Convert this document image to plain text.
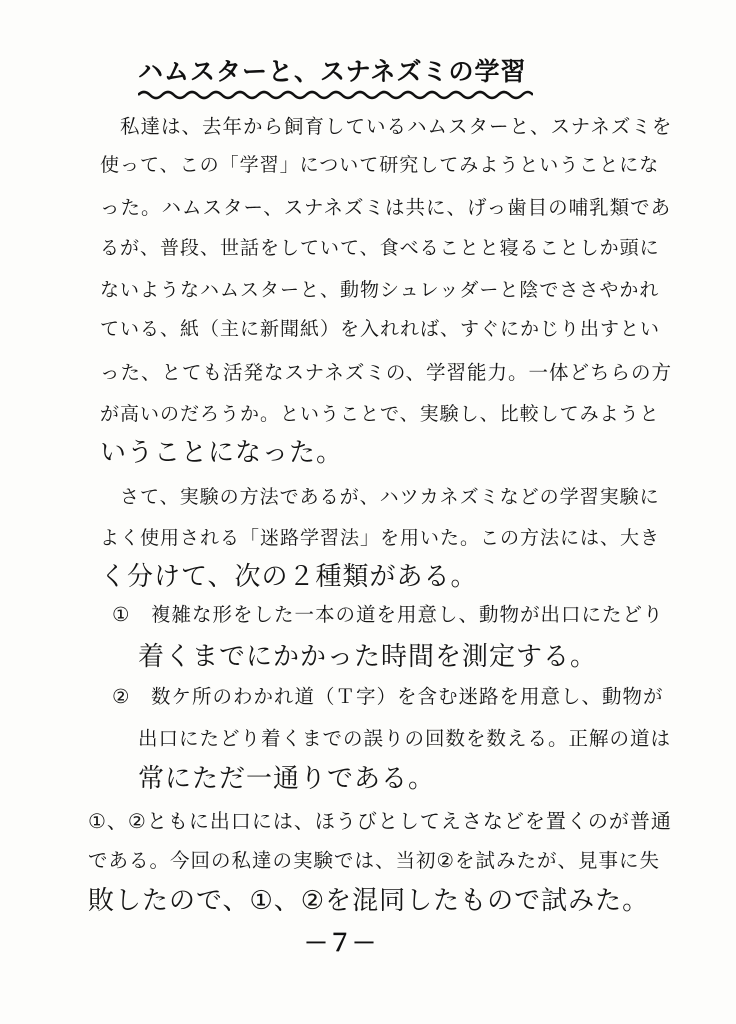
ハムスターと、スナネズミの学習
私達は、去年から飼育しているハムスターと、スナネズミを
使って、この「学習」について研究してみようということにな
った。ハムスター、スナネズミは共に、げっ歯目の哺乳類であ
るが、普段、世話をしていて、食べることと寝ることしか頭に
ないようなハムスターと、動物シュレッダーと陰でささやかれ
ている、紙（主に新聞紙）を入れれば、すぐにかじり出すとい
った、とても活発なスナネズミの、学習能力。一体どちらの方
が高いのだろうか。ということで、実験し、比較してみようと
いうことになった。
さて、実験の方法であるが、ハツカネズミなどの学習実験に
よく使用される「迷路学習法」を用いた。この方法には、大き
く分けて、次の２種類がある。
①　複雑な形をした一本の道を用意し、動物が出口にたどり
着くまでにかかった時間を測定する。
②　数ケ所のわかれ道（Ｔ字）を含む迷路を用意し、動物が
出口にたどり着くまでの誤りの回数を数える。正解の道は
常にただ一通りである。
①、②ともに出口には、ほうびとしてえさなどを置くのが普通
である。今回の私達の実験では、当初②を試みたが、見事に失
敗したので、①、②を混同したもので試みた。
－７－
